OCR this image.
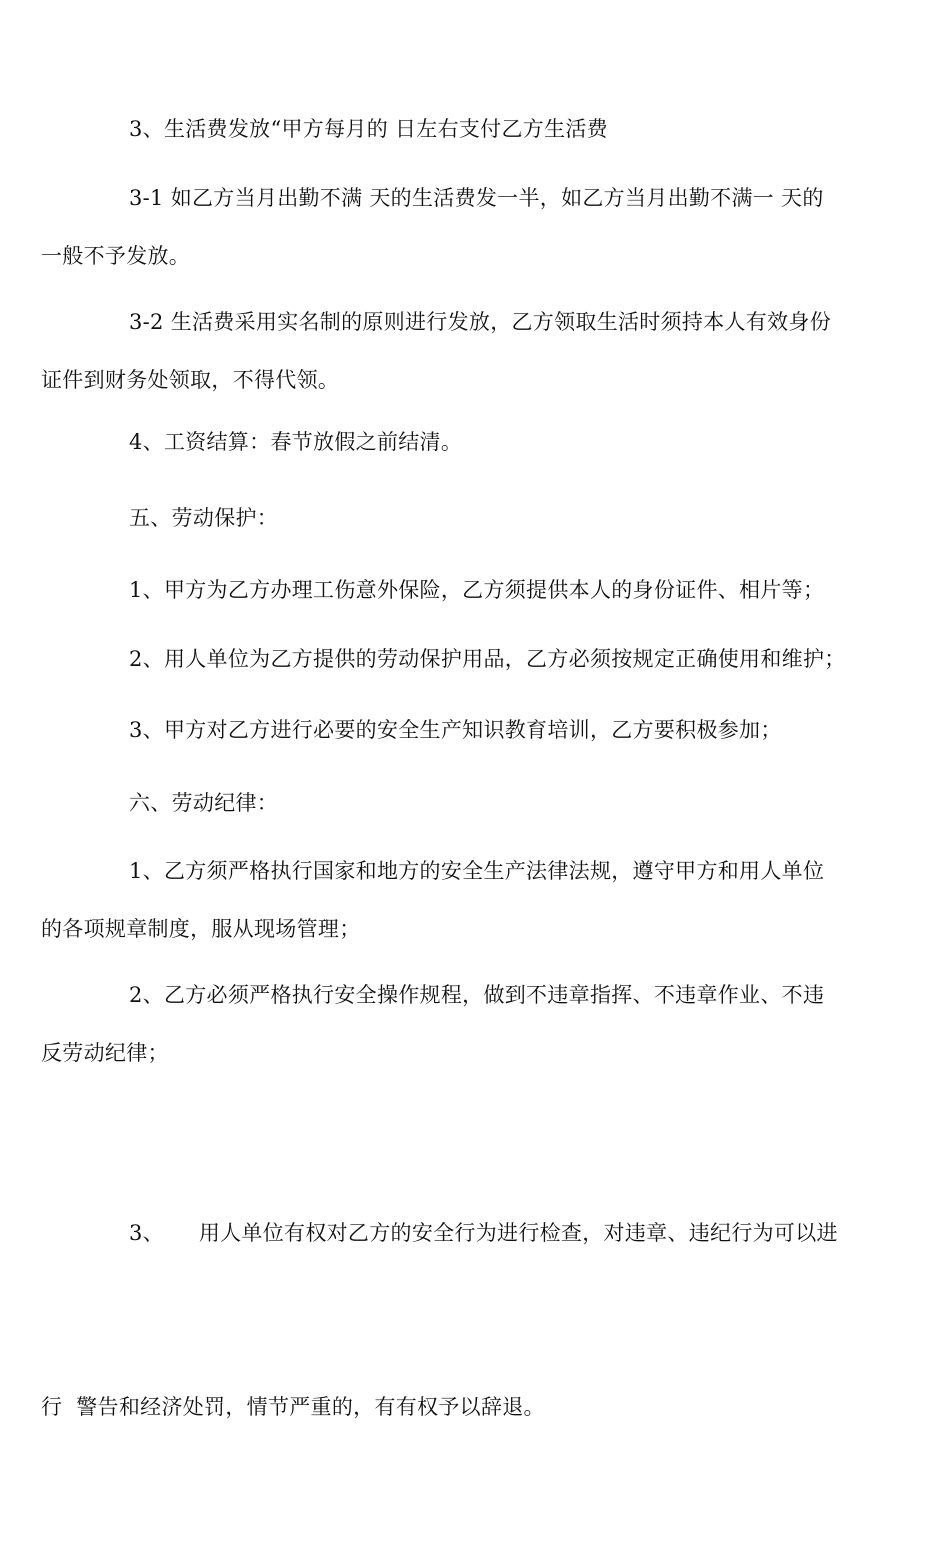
3、生活费发放“甲方每月的 日左右支付乙方生活费

3-1 如乙方当月出勤不满 天的生活费发一半，如乙方当月出勤不满一 天的
一般不予发放。

3-2 生活费采用实名制的原则进行发放，乙方领取生活时须持本人有效身份
证件到财务处领取，不得代领。

4、工资结算：春节放假之前结清。

五、劳动保护：

1、甲方为乙方办理工伤意外保险，乙方须提供本人的身份证件、相片等；

2、用人单位为乙方提供的劳动保护用品，乙方必须按规定正确使用和维护；

3、甲方对乙方进行必要的安全生产知识教育培训，乙方要积极参加；

六、劳动纪律：

1、乙方须严格执行国家和地方的安全生产法律法规，遵守甲方和用人单位
的各项规章制度，服从现场管理；

2、乙方必须严格执行安全操作规程，做到不违章指挥、不违章作业、不违
反劳动纪律；

3、     用人单位有权对乙方的安全行为进行检查，对违章、违纪行为可以进

行  警告和经济处罚，情节严重的，有有权予以辞退。
